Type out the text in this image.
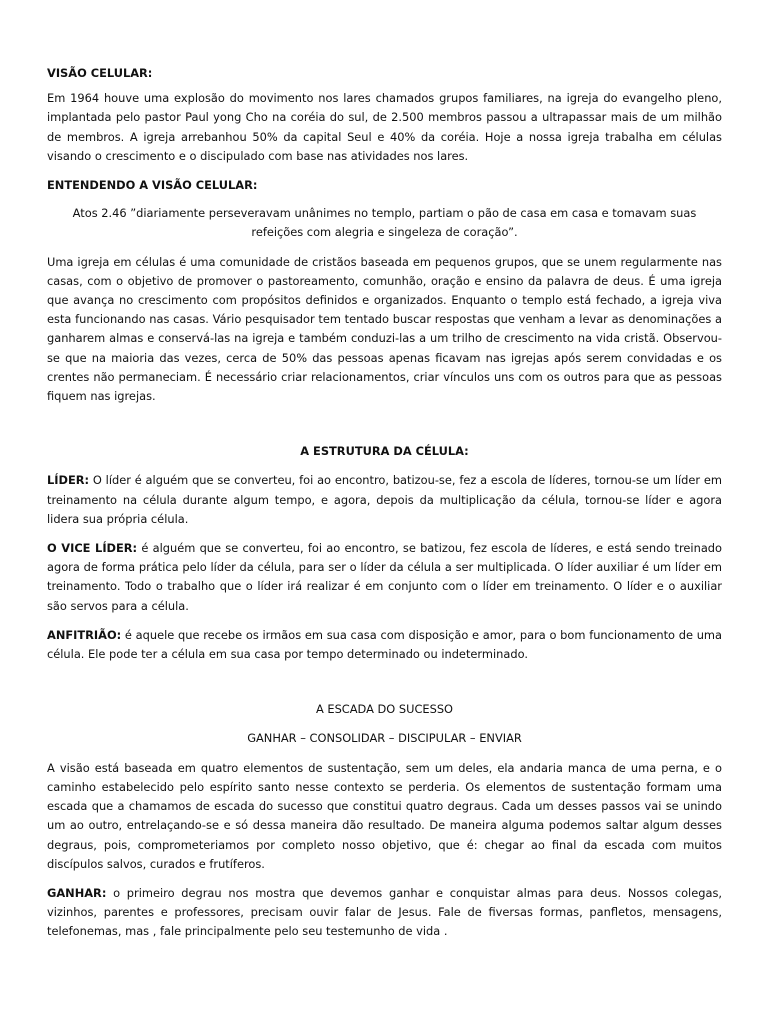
VISÃO CELULAR:

Em 1964 houve uma explosão do movimento nos lares chamados grupos familiares, na igreja do evangelho pleno, implantada pelo pastor Paul yong Cho na coréia do sul, de 2.500 membros passou a ultrapassar mais de um milhão de membros. A igreja arrebanhou 50% da capital Seul e 40% da coréia. Hoje a nossa igreja trabalha em células visando o crescimento e o discipulado com base nas atividades nos lares.

ENTENDENDO A VISÃO CELULAR:

Atos 2.46 ”diariamente perseveravam unânimes no templo, partiam o pão de casa em casa e tomavam suas
refeições com alegria e singeleza de coração”.

Uma igreja em células é uma comunidade de cristãos baseada em pequenos grupos, que se unem regularmente nas casas, com o objetivo de promover o pastoreamento, comunhão, oração e ensino da palavra de deus. É uma igreja que avança no crescimento com propósitos definidos e organizados. Enquanto o templo está fechado, a igreja viva esta funcionando nas casas. Vário pesquisador tem tentado buscar respostas que venham a levar as denominações a ganharem almas e conservá-las na igreja e também conduzi-las a um trilho de crescimento na vida cristã. Observou-se que na maioria das vezes, cerca de 50% das pessoas apenas ficavam nas igrejas após serem convidadas e os crentes não permaneciam. É necessário criar relacionamentos, criar vínculos uns com os outros para que as pessoas fiquem nas igrejas.

A ESTRUTURA DA CÉLULA:

LÍDER: O líder é alguém que se converteu, foi ao encontro, batizou-se, fez a escola de líderes, tornou-se um líder em treinamento na célula durante algum tempo, e agora, depois da multiplicação da célula, tornou-se líder e agora lidera sua própria célula.

O VICE LÍDER: é alguém que se converteu, foi ao encontro, se batizou, fez escola de líderes, e está sendo treinado agora de forma prática pelo líder da célula, para ser o líder da célula a ser multiplicada. O líder auxiliar é um líder em treinamento. Todo o trabalho que o líder irá realizar é em conjunto com o líder em treinamento. O líder e o auxiliar são servos para a célula.

ANFITRIÃO: é aquele que recebe os irmãos em sua casa com disposição e amor, para o bom funcionamento de uma célula. Ele pode ter a célula em sua casa por tempo determinado ou indeterminado.

A ESCADA DO SUCESSO

GANHAR – CONSOLIDAR – DISCIPULAR – ENVIAR

A visão está baseada em quatro elementos de sustentação, sem um deles, ela andaria manca de uma perna, e o caminho estabelecido pelo espírito santo nesse contexto se perderia. Os elementos de sustentação formam uma escada que a chamamos de escada do sucesso que constitui quatro degraus. Cada um desses passos vai se unindo um ao outro, entrelaçando-se e só dessa maneira dão resultado. De maneira alguma podemos saltar algum desses degraus, pois, comprometeriamos por completo nosso objetivo, que é: chegar ao final da escada com muitos discípulos salvos, curados e frutíferos.

GANHAR: o primeiro degrau nos mostra que devemos ganhar e conquistar almas para deus. Nossos colegas, vizinhos, parentes e professores, precisam ouvir falar de Jesus. Fale de fiversas formas, panfletos, mensagens, telefonemas, mas , fale principalmente pelo seu testemunho de vida .
